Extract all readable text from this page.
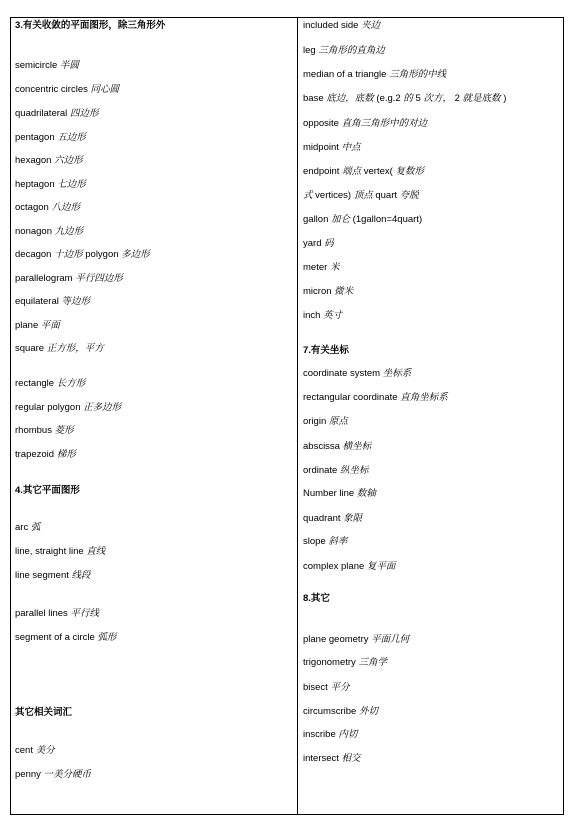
3.有关收敛的平面图形，除三角形外
semicircle 半圆
concentric circles 同心圆
quadrilateral 四边形
pentagon 五边形
hexagon 六边形
heptagon 七边形
octagon 八边形
nonagon 九边形
decagon 十边形 polygon 多边形
parallelogram 平行四边形
equilateral 等边形
plane 平面
square 正方形，平方
rectangle 长方形
regular polygon 正多边形
rhombus 菱形
trapezoid 梯形
4.其它平面图形
arc 弧
line, straight line 直线
line segment 线段
parallel lines 平行线
segment of a circle 弧形
其它相关词汇
cent 美分
penny 一美分硬币
included side 夹边
leg 三角形的直角边
median of a triangle 三角形的中线
base 底边，底数 (e.g.2 的 5 次方， 2 就是底数 )
opposite 直角三角形中的对边
midpoint 中点
endpoint 端点 vertex( 复数形
式 vertices) 顶点 quart 夸脱
gallon 加仑 (1gallon=4quart)
yard 码
meter 米
micron 微米
inch 英寸
7.有关坐标
coordinate system 坐标系
rectangular coordinate 直角坐标系
origin 原点
abscissa 横坐标
ordinate 纵坐标
Number line 数轴
quadrant 象限
slope 斜率
complex plane 复平面
8.其它
plane geometry 平面几何
trigonometry 三角学
bisect 平分
circumscribe 外切
inscribe 内切
intersect 相交
